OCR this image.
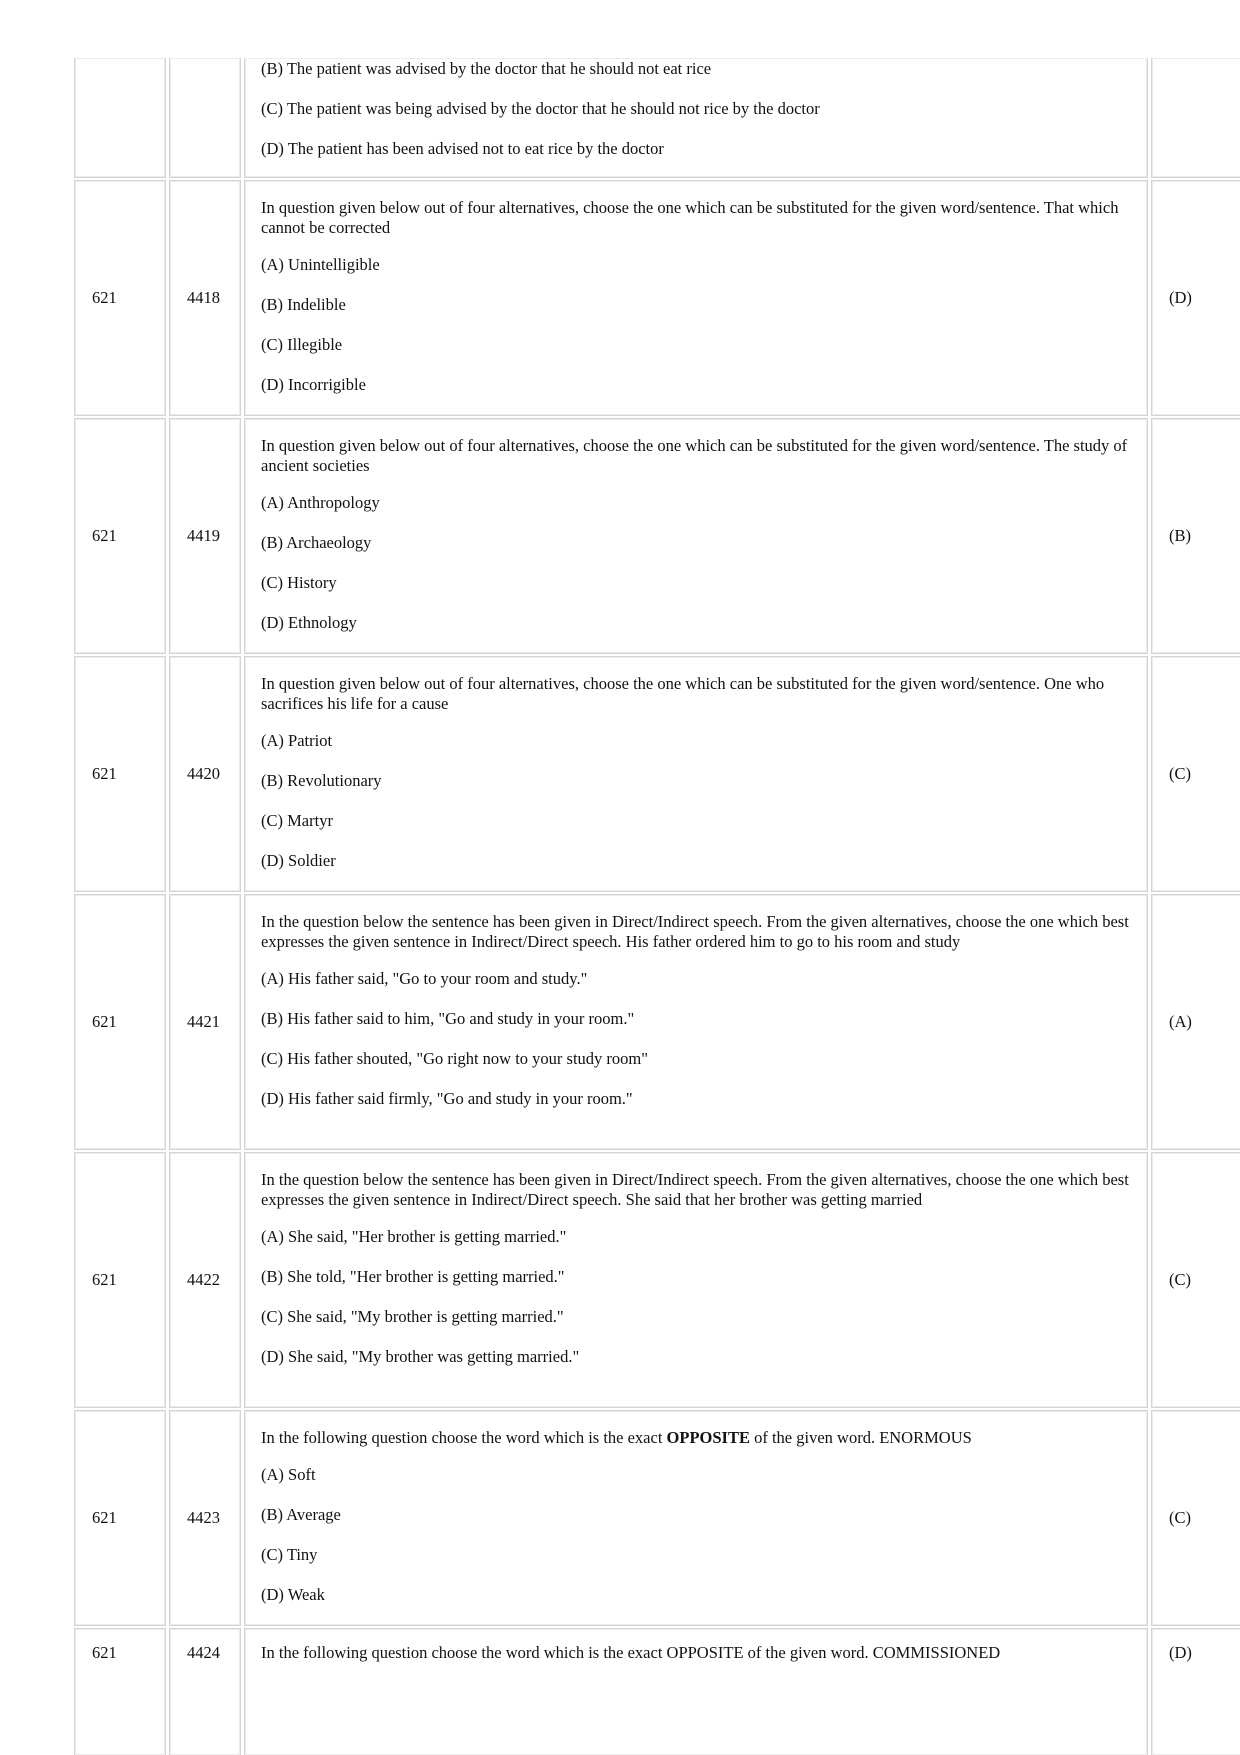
(B) The patient was advised by the doctor that he should not eat rice
(C) The patient was being advised by the doctor that he should not rice by the doctor
(D) The patient has been advised not to eat rice by the doctor
621	4418
In question given below out of four alternatives, choose the one which can be substituted for the given word/sentence. That which cannot be corrected
(A) Unintelligible
(B) Indelible
(C) Illegible
(D) Incorrigible
(D)
621	4419
In question given below out of four alternatives, choose the one which can be substituted for the given word/sentence. The study of ancient societies
(A) Anthropology
(B) Archaeology
(C) History
(D) Ethnology
(B)
621	4420
In question given below out of four alternatives, choose the one which can be substituted for the given word/sentence. One who sacrifices his life for a cause
(A) Patriot
(B) Revolutionary
(C) Martyr
(D) Soldier
(C)
621	4421
In the question below the sentence has been given in Direct/Indirect speech. From the given alternatives, choose the one which best expresses the given sentence in Indirect/Direct speech. His father ordered him to go to his room and study
(A) His father said, "Go to your room and study."
(B) His father said to him, "Go and study in your room."
(C) His father shouted, "Go right now to your study room"
(D) His father said firmly, "Go and study in your room."
(A)
621	4422
In the question below the sentence has been given in Direct/Indirect speech. From the given alternatives, choose the one which best expresses the given sentence in Indirect/Direct speech. She said that her brother was getting married
(A) She said, "Her brother is getting married."
(B) She told, "Her brother is getting married."
(C) She said, "My brother is getting married."
(D) She said, "My brother was getting married."
(C)
621	4423
In the following question choose the word which is the exact OPPOSITE of the given word. ENORMOUS
(A) Soft
(B) Average
(C) Tiny
(D) Weak
(C)
621	4424 In the following question choose the word which is the exact OPPOSITE of the given word. COMMISSIONED	(D)
